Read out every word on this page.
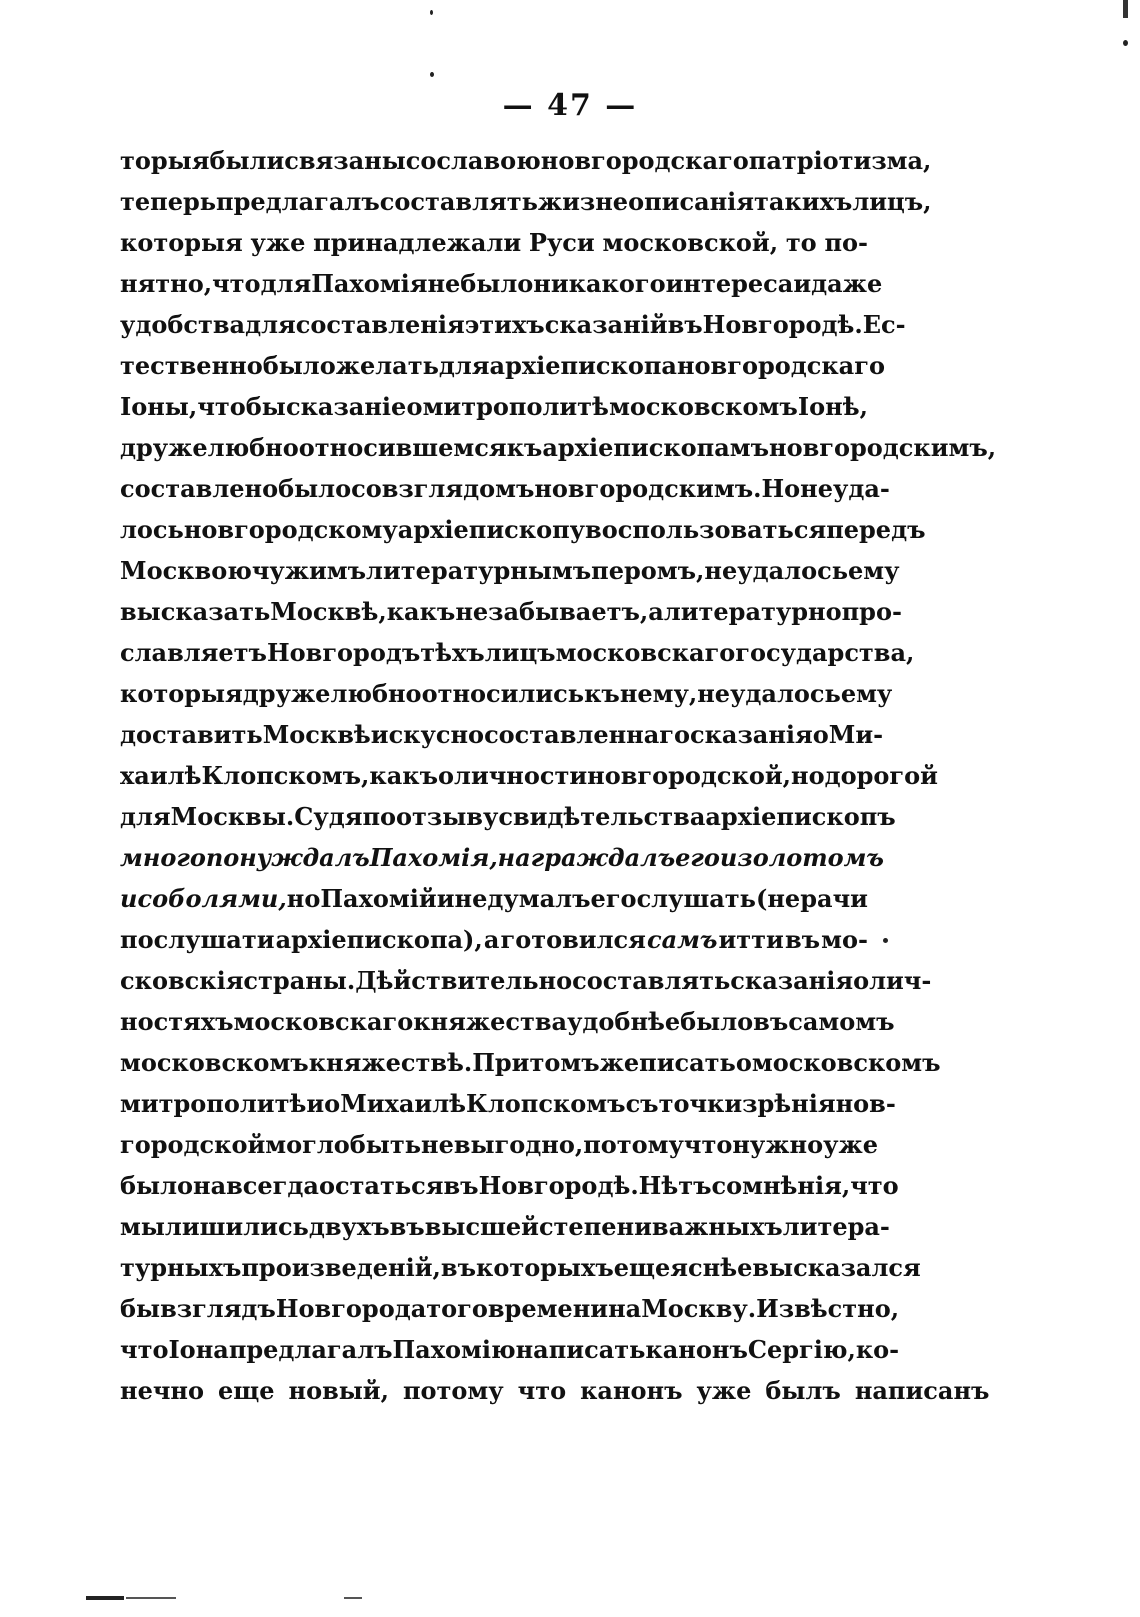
— 47 —
торыя были связаны со славою новгородскаго патріотизма,
теперь предлагалъ составлять жизнеописанія такихъ лицъ,
которыя уже принадлежали Руси московской, то по-
нятно, что для Пахомія не было никакого интереса и даже
удобства для составленія этихъ сказаній въ Новгородѣ. Ес-
тественно было желать для архіепископа новгородскаго
Іоны, чтобы сказаніе о митрополитѣ московскомъ Іонѣ,
дружелюбно относившемся къ архіепископамъ новгородскимъ,
составлено было со взглядомъ новгородскимъ. Но не уда-
лось новгородскому архіепископу воспользоваться передъ
Москвою чужимъ литературнымъ перомъ, не удалось ему
высказать Москвѣ, какъ не забываетъ, а литературно про-
славляетъ Новгородъ тѣхъ лицъ московскаго государства,
которыя дружелюбно относились къ нему, не удалось ему
доставить Москвѣ искусно составленнаго сказанія о Ми-
хаилѣ Клопскомъ, какъ о личности новгородской, но дорогой
для Москвы. Судя по отзыву свидѣтельства архіепископъ
много понуждалъ Пахомія, награждалъ его и золотомъ
и соболями, но Пахомій и не думалъ его слушать (не рачи
послушати архіепископа), а готовился самъ итти въ мо-
сковскія страны. Дѣйствительно составлять сказанія о лич-
ностяхъ московскаго княжества удобнѣе было въ самомъ
московскомъ княжествѣ. При томъ же писать о московскомъ
митрополитѣ и о Михаилѣ Клопскомъ съ точки зрѣнія нов-
городской могло быть не выгодно, потому что нужно уже
было навсегда остаться въ Новгородѣ. Нѣтъ сомнѣнія, что
мы лишились двухъ въ высшей степени важныхъ литера-
турныхъ произведеній, въ которыхъ еще яснѣе высказался
бы взглядъ Новгорода того времени на Москву. Извѣстно,
что Іона предлагалъ Пахомію написать канонъ Сергію, ко-
нечно еще новый, потому что канонъ уже былъ написанъ
